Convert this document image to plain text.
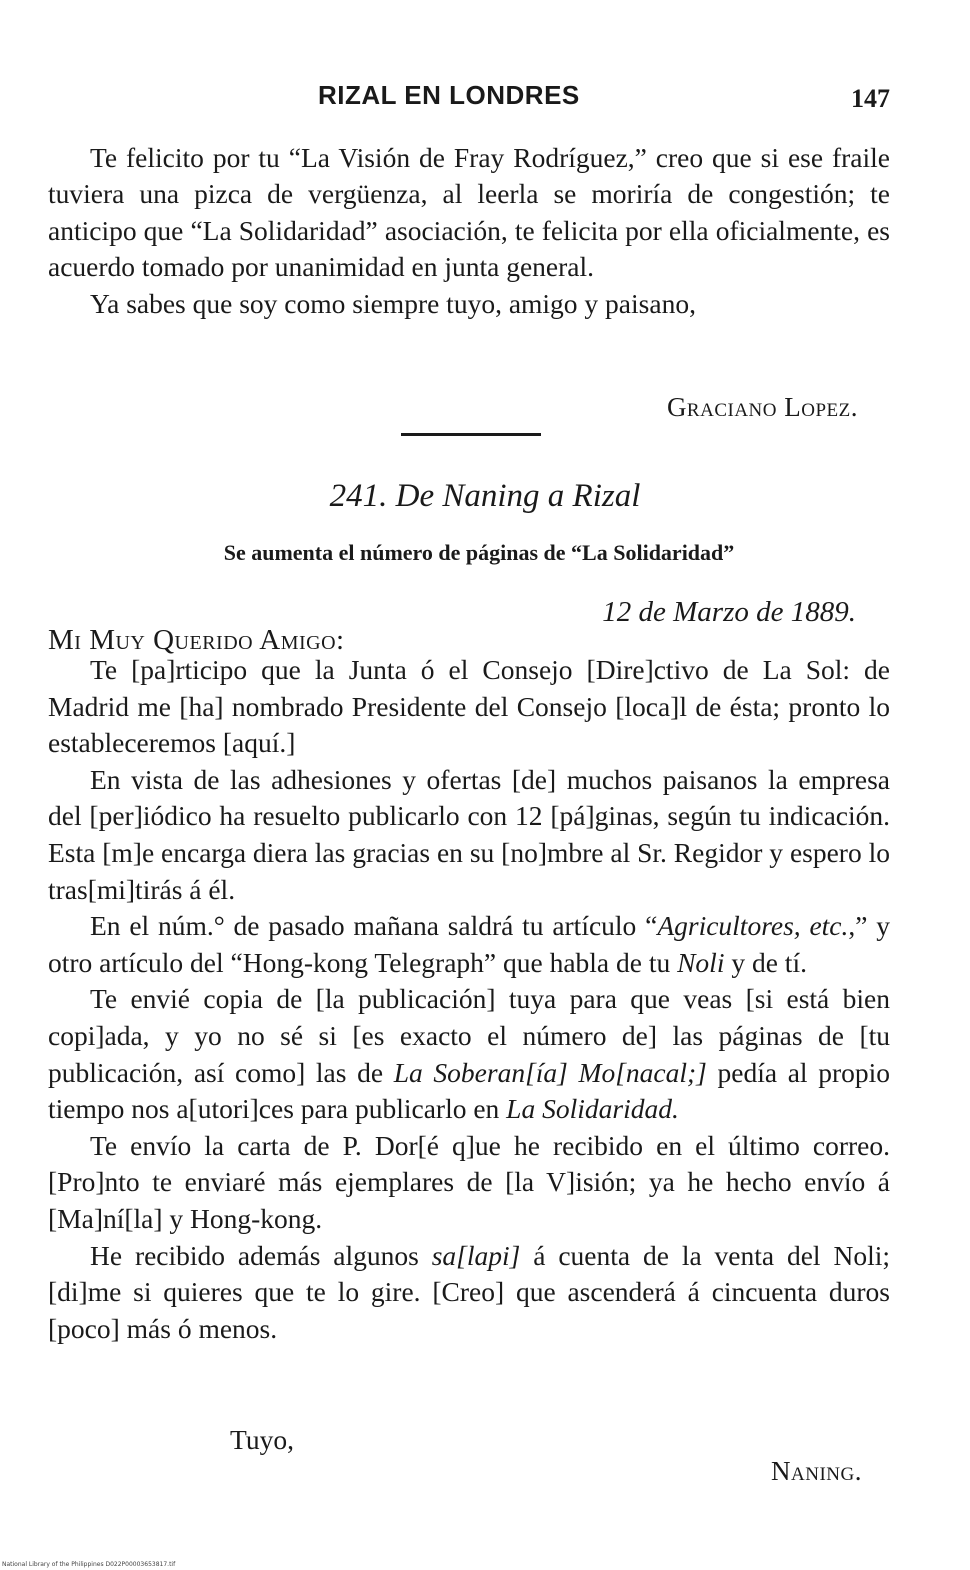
RIZAL EN LONDRES	147

Te felicito por tu “La Visión de Fray Rodríguez,” creo que si ese fraile tuviera una pizca de vergüenza, al leerla se moriría de congestión; te anticipo que “La Solidaridad” asociación, te felicita por ella oficialmente, es acuerdo tomado por unanimidad en junta general.

Ya sabes que soy como siempre tuyo, amigo y paisano,

Graciano Lopez.
241. De Naning a Rizal
Se aumenta el número de páginas de “La Solidaridad”
12 de Marzo de 1889.
Mi Muy Querido Amigo:

Te [pa]rticipo que la Junta ó el Consejo [Dire]ctivo de La Sol: de Madrid me [ha] nombrado Presidente del Consejo [loca]l de ésta; pronto lo estableceremos [aquí.]

En vista de las adhesiones y ofertas [de] muchos paisanos la empresa del [per]iódico ha resuelto publicarlo con 12 [pá]ginas, según tu indicación. Esta [m]e encarga diera las gracias en su [no]mbre al Sr. Regidor y espero lo tras[mi]tirás á él.

En el núm.° de pasado mañana saldrá tu artículo “Agricultores, etc.,” y otro artículo del “Hong-kong Telegraph” que habla de tu Noli y de tí.

Te envié copia de [la publicación] tuya para que veas [si está bien copi]ada, y yo no sé si [es exacto el número de] las páginas de [tu publicación, así como] las de La Soberan[ía] Mo[nacal;] pedía al propio tiempo nos a[utori]ces para publicarlo en La Solidaridad.

Te envío la carta de P. Dor[é q]ue he recibido en el último correo. [Pro]nto te enviaré más ejemplares de [la V]isión; ya he hecho envío á [Ma]ní[la] y Hong-kong.

He recibido además algunos sa[lapi] á cuenta de la venta del Noli; [di]me si quieres que te lo gire. [Creo] que ascenderá á cincuenta duros [poco] más ó menos.

Tuyo,
Naning.
National Library of the Philippines D022P00003653817.tif
